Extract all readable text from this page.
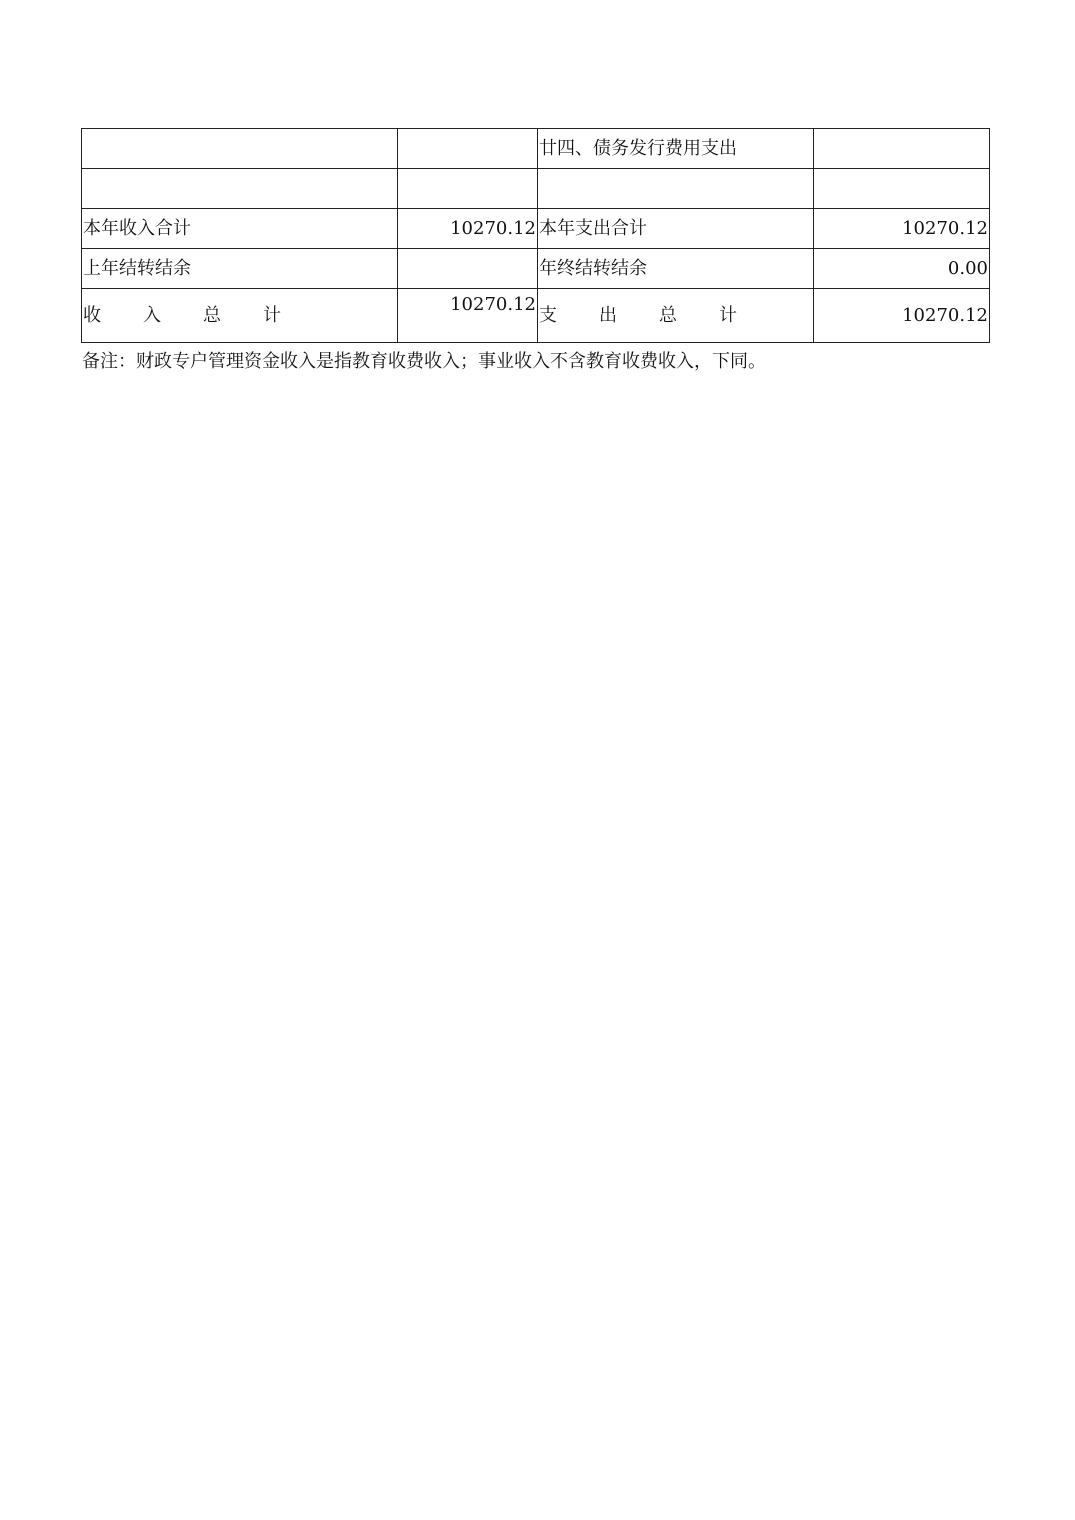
		廿四、债务发行费用支出	

本年收入合计	10270.12	本年支出合计	10270.12
上年结转结余		年终结转结余	0.00
收 入 总 计	10270.12	支 出 总 计	10270.12
备注：财政专户管理资金收入是指教育收费收入；事业收入不含教育收费收入，下同。
